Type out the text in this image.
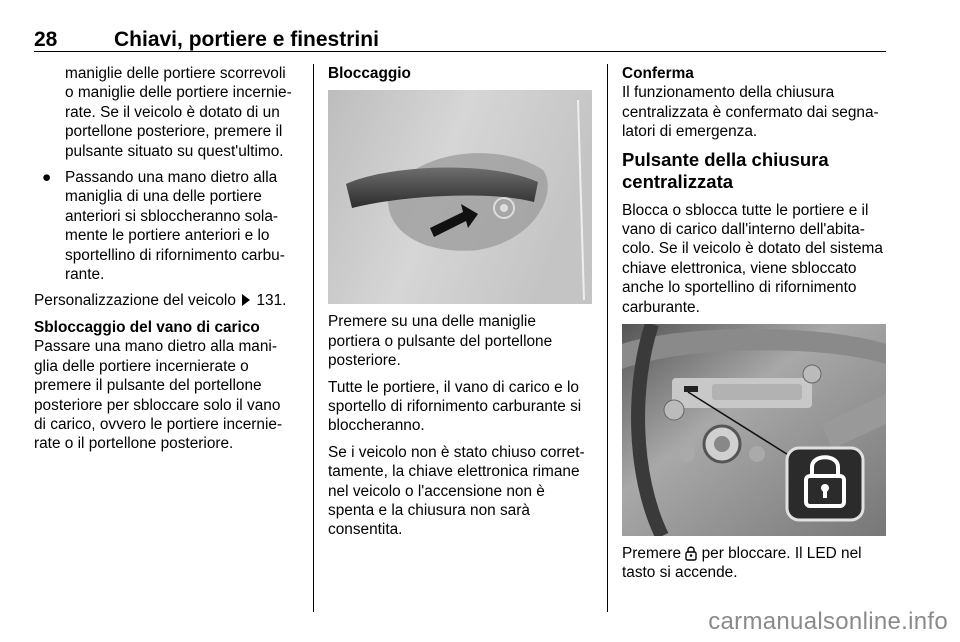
28	Chiavi, portiere e finestrini

maniglie delle portiere scorrevoli
o maniglie delle portiere incernie-
rate. Se il veicolo è dotato di un
portellone posteriore, premere il
pulsante situato su quest'ultimo.

● Passando una mano dietro alla
maniglia di una delle portiere
anteriori si sbloccheranno sola-
mente le portiere anteriori e lo
sportellino di rifornimento carbu-
rante.

Personalizzazione del veicolo 131.

Sbloccaggio del vano di carico
Passare una mano dietro alla mani-
glia delle portiere incernierate o
premere il pulsante del portellone
posteriore per sbloccare solo il vano
di carico, ovvero le portiere incernie-
rate o il portellone posteriore.

Bloccaggio

Premere su una delle maniglie
portiera o pulsante del portellone
posteriore.

Tutte le portiere, il vano di carico e lo
sportello di rifornimento carburante si
bloccheranno.

Se i veicolo non è stato chiuso corret-
tamente, la chiave elettronica rimane
nel veicolo o l'accensione non è
spenta e la chiusura non sarà
consentita.

Conferma
Il funzionamento della chiusura
centralizzata è confermato dai segna-
latori di emergenza.

Pulsante della chiusura
centralizzata

Blocca o sblocca tutte le portiere e il
vano di carico dall'interno dell'abita-
colo. Se il veicolo è dotato del sistema
chiave elettronica, viene sbloccato
anche lo sportellino di rifornimento
carburante.

Premere per bloccare. Il LED nel
tasto si accende.

carmanualsonline.info
